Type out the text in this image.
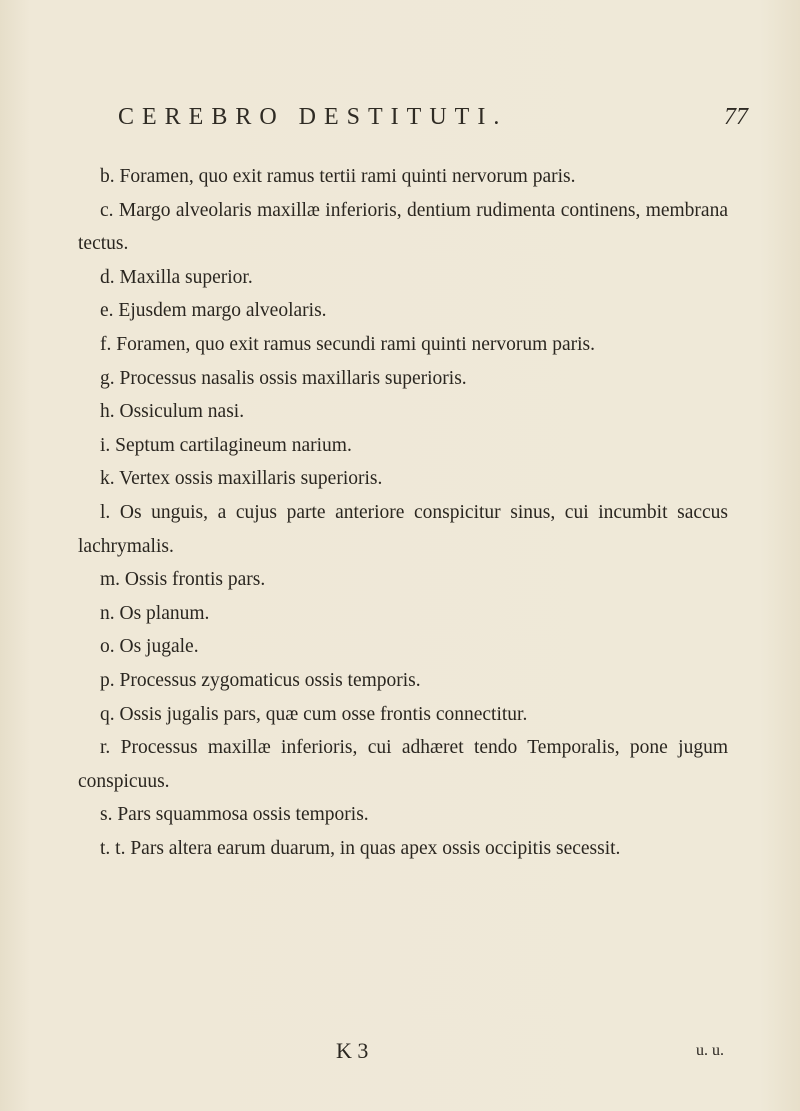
CEREBRO DESTITUTI.	77

b. Foramen, quo exit ramus tertii rami quinti nervorum paris.

c. Margo alveolaris maxillæ inferioris, dentium rudimenta continens, membrana tectus.

d. Maxilla superior.

e. Ejusdem margo alveolaris.

f. Foramen, quo exit ramus secundi rami quinti nervorum paris.

g. Processus nasalis ossis maxillaris superioris.

h. Ossiculum nasi.

i. Septum cartilagineum narium.

k. Vertex ossis maxillaris superioris.

l. Os unguis, a cujus parte anteriore conspicitur sinus, cui incumbit saccus lachrymalis.

m. Ossis frontis pars.

n. Os planum.

o. Os jugale.

p. Processus zygomaticus ossis temporis.

q. Ossis jugalis pars, quæ cum osse frontis connectitur.

r. Processus maxillæ inferioris, cui adhæret tendo Temporalis, pone jugum conspicuus.

s. Pars squammosa ossis temporis.

t. t. Pars altera earum duarum, in quas apex ossis occipitis secessit.

K 3	u. u.
